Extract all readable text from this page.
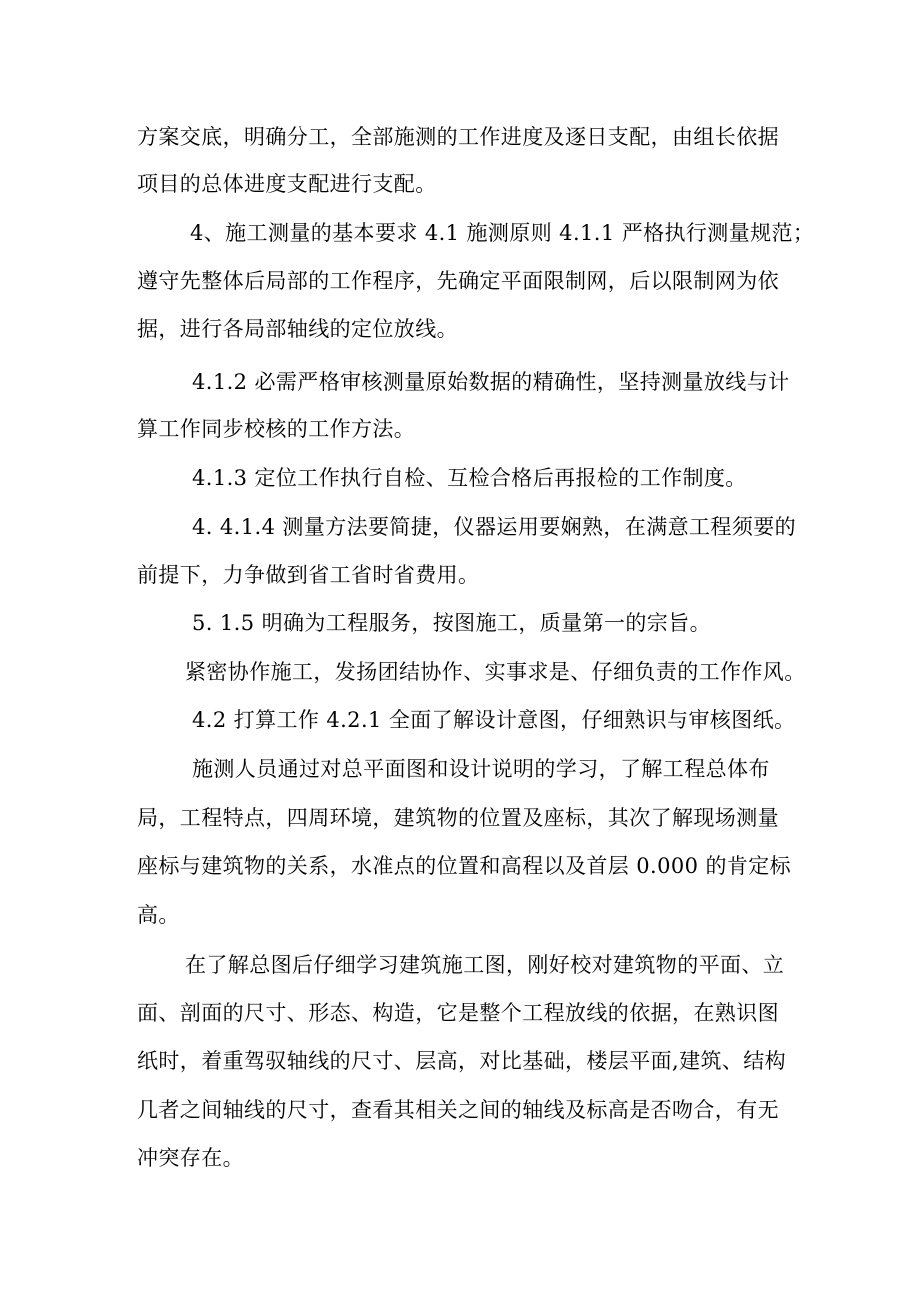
方案交底，明确分工，全部施测的工作进度及逐日支配，由组长依据
项目的总体进度支配进行支配。
4、施工测量的基本要求 4.1 施测原则 4.1.1 严格执行测量规范；
遵守先整体后局部的工作程序，先确定平面限制网，后以限制网为依
据，进行各局部轴线的定位放线。
4.1.2 必需严格审核测量原始数据的精确性，坚持测量放线与计
算工作同步校核的工作方法。
4.1.3 定位工作执行自检、互检合格后再报检的工作制度。
4. 4.1.4 测量方法要简捷，仪器运用要娴熟，在满意工程须要的
前提下，力争做到省工省时省费用。
5. 1.5 明确为工程服务，按图施工，质量第一的宗旨。
紧密协作施工，发扬团结协作、实事求是、仔细负责的工作作风。
4.2 打算工作 4.2.1 全面了解设计意图，仔细熟识与审核图纸。
施测人员通过对总平面图和设计说明的学习，了解工程总体布
局，工程特点，四周环境，建筑物的位置及座标，其次了解现场测量
座标与建筑物的关系，水准点的位置和高程以及首层 0.000 的肯定标
高。
在了解总图后仔细学习建筑施工图，刚好校对建筑物的平面、立
面、剖面的尺寸、形态、构造，它是整个工程放线的依据，在熟识图
纸时，着重驾驭轴线的尺寸、层高，对比基础，楼层平面,建筑、结构
几者之间轴线的尺寸，查看其相关之间的轴线及标高是否吻合，有无
冲突存在。
